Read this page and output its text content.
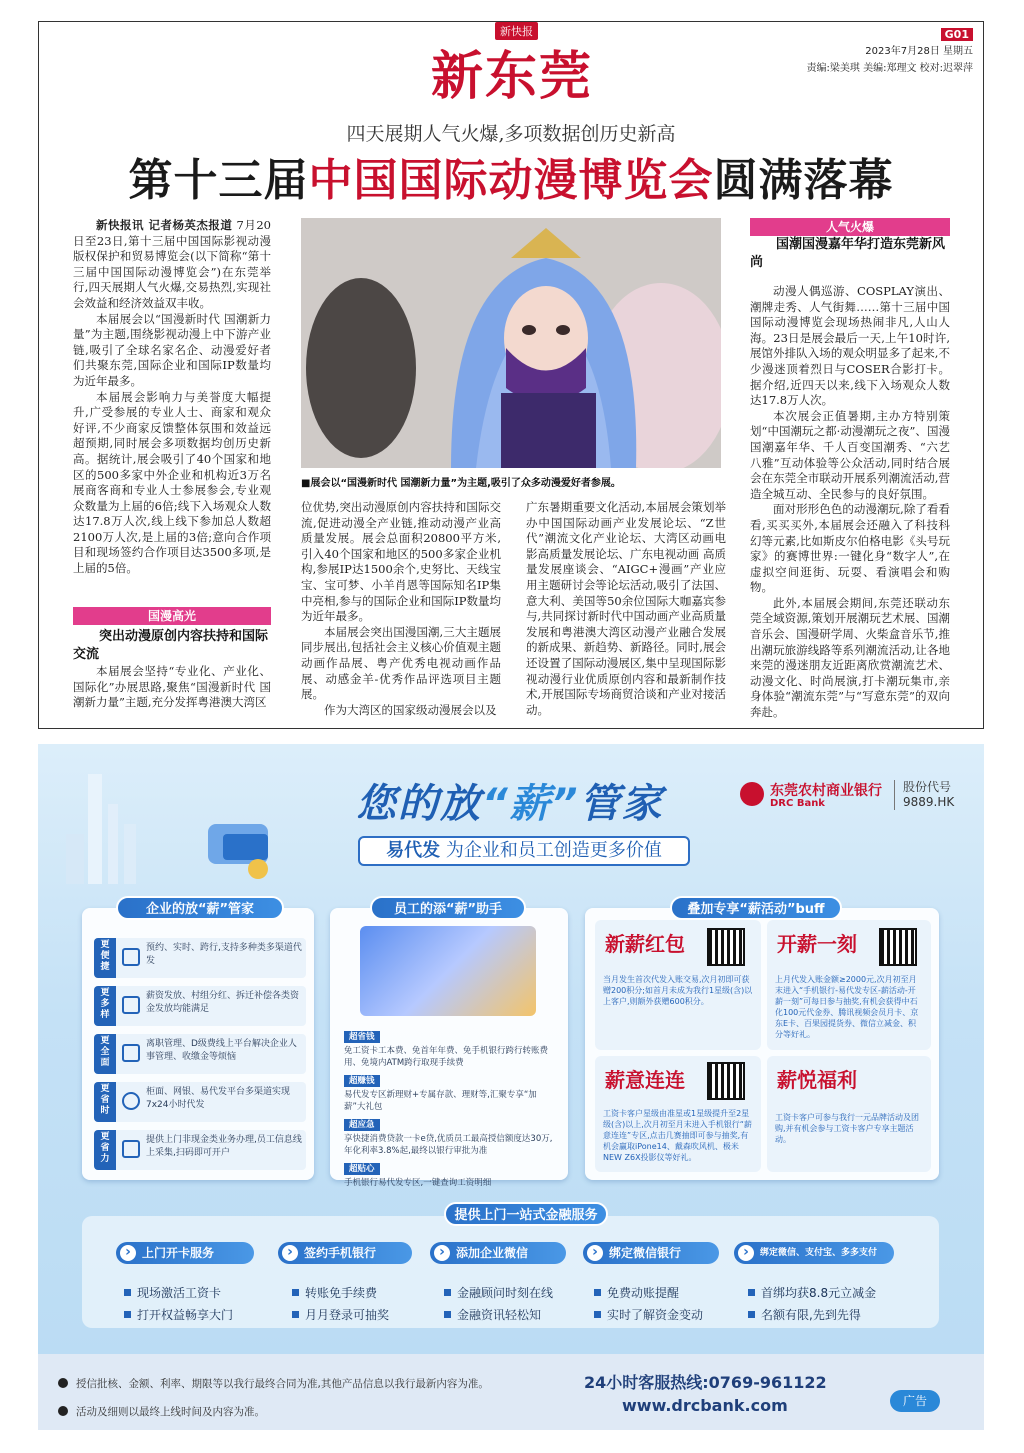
新快报
新东莞
G01
2023年7月28日 星期五
责编:梁美琪 美编:郑理文 校对:迟翠萍
四天展期人气火爆,多项数据创历史新高
第十三届中国国际动漫博览会圆满落幕

新快报讯 记者杨英杰报道 7月20日至23日,第十三届中国国际影视动漫版权保护和贸易博览会(以下简称“第十三届中国国际动漫博览会”)在东莞举行,四天展期人气火爆,交易热烈,实现社会效益和经济效益双丰收。

本届展会以“国漫新时代 国潮新力量”为主题,围绕影视动漫上中下游产业链,吸引了全球名家名企、动漫爱好者们共聚东莞,国际企业和国际IP数量均为近年最多。

本届展会影响力与美誉度大幅提升,广受参展的专业人士、商家和观众好评,不少商家反馈整体氛围和效益远超预期,同时展会多项数据均创历史新高。据统计,展会吸引了40个国家和地区的500多家中外企业和机构近3万名展商客商和专业人士参展参会,专业观众数量为上届的6倍;线下入场观众人数达17.8万人次,线上线下参加总人数超2100万人次,是上届的3倍;意向合作项目和现场签约合作项目达3500多项,是上届的5倍。

国漫高光
突出动漫原创内容扶持和国际交流

本届展会坚持“专业化、产业化、国际化”办展思路,聚焦“国漫新时代 国潮新力量”主题,充分发挥粤港澳大湾区

■展会以“国漫新时代 国潮新力量”为主题,吸引了众多动漫爱好者参展。

位优势,突出动漫原创内容扶持和国际交流,促进动漫全产业链,推动动漫产业高质量发展。展会总面积20800平方米,引入40个国家和地区的500多家企业机构,参展IP达1500余个,史努比、天线宝宝、宝可梦、小羊肖恩等国际知名IP集中亮相,参与的国际企业和国际IP数量均为近年最多。

本届展会突出国漫国潮,三大主题展同步展出,包括社会主义核心价值观主题动画作品展、粤产优秀电视动画作品展、动感金羊-优秀作品评选项目主题展。

作为大湾区的国家级动漫展会以及

广东暑期重要文化活动,本届展会策划举办中国国际动画产业发展论坛、“Z世代”潮流文化产业论坛、大湾区动画电影高质量发展论坛、广东电视动画 高质量发展座谈会、“AIGC+漫画”产业应用主题研讨会等论坛活动,吸引了法国、意大利、美国等50余位国际大咖嘉宾参与,共同探讨新时代中国动画产业高质量发展和粤港澳大湾区动漫产业融合发展的新成果、新趋势、新路径。同时,展会还设置了国际动漫展区,集中呈现国际影视动漫行业优质原创内容和最新制作技术,开展国际专场商贸洽谈和产业对接活动。

人气火爆
国潮国漫嘉年华打造东莞新风尚

动漫人偶巡游、COSPLAY演出、潮牌走秀、人气街舞……第十三届中国国际动漫博览会现场热闹非凡,人山人海。23日是展会最后一天,上午10时许,展馆外排队入场的观众明显多了起来,不少漫迷顶着烈日与COSER合影打卡。据介绍,近四天以来,线下入场观众人数达17.8万人次。

本次展会正值暑期,主办方特别策划“中国潮玩之都·动漫潮玩之夜”、国漫国潮嘉年华、千人百变国潮秀、“六艺八雅”互动体验等公众活动,同时结合展会在东莞全市联动开展系列潮流活动,营造全城互动、全民参与的良好氛围。

面对形形色色的动漫潮玩,除了看看看,买买买外,本届展会还融入了科技科幻等元素,比如斯皮尔伯格电影《头号玩家》的赛博世界:一键化身“数字人”,在虚拟空间逛街、玩耍、看演唱会和购物。

此外,本届展会期间,东莞还联动东莞全域资源,策划开展潮玩艺术展、国潮音乐会、国漫研学周、火柴盒音乐节,推出潮玩旅游线路等系列潮流活动,让各地来莞的漫迷朋友近距离欣赏潮流艺术、动漫文化、时尚展演,打卡潮玩集市,亲身体验“潮流东莞”与“写意东莞”的双向奔赴。

您的放“薪”管家
易代发 为企业和员工创造更多价值
东莞农村商业银行
DRC Bank
股份代号
9889.HK
更便捷
预约、实时、跨行,支持多种类多渠道代发
更多样
薪资发放、村组分红、拆迁补偿各类资金发放均能满足
更全面
离职管理、D级费线上平台解决企业人事管理、收缴金等烦恼
更省时
柜面、网银、易代发平台多渠道实现7x24小时代发
更省力
提供上门非现金类业务办理,员工信息线上采集,扫码即可开户
企业的放“薪”管家
超省钱
免工资卡工本费、免首年年费、免手机银行跨行转账费用、免境内ATM跨行取现手续费
超赚钱
易代发专区新理财+专属存款、理财等,汇聚专享“加薪”大礼包
超应急
享快捷消费贷款一卡e贷,优质员工最高授信额度达30万,年化利率3.8%起,最终以银行审批为准
超贴心
手机银行易代发专区,一键查询工资明细
员工的添“薪”助手
新薪红包
当月发生首次代发入账交易,次月初即可获赠200积分;如首月未成为我行1星级(含)以上客户,则额外获赠600积分。
开薪一刻
上月代发入账金额≥2000元,次月初至月末进入“手机银行-易代发专区-薪活动-开薪一刻”可每日参与抽奖,有机会获得中石化100元代金券、腾讯视频会员月卡、京东E卡、百果园提货券、微信立减金、积分等好礼。
薪意连连
工资卡客户星级由准星或1星级提升至2星级(含)以上,次月初至月末进入手机银行“薪意连连”专区,点击几赛抽即可参与抽奖,有机会赢取iPone14、戴森吹风机、极米NEW Z6X投影仪等好礼。
薪悦福利
工资卡客户可参与我行一元品牌活动及团购,并有机会参与工资卡客户专享主题活动。
叠加专享“薪活动”buff
提供上门一站式金融服务
› 上门开卡服务	› 签约手机银行	› 添加企业微信	› 绑定微信银行	› 绑定微信、支付宝、多多支付
现场激活工资卡
打开权益畅享大门
转账免手续费
月月登录可抽奖
金融顾问时刻在线
金融资讯轻松知
免费动账提醒
实时了解资金变动
首绑均获8.8元立减金
名额有限,先到先得
授信批核、金额、利率、期限等以我行最终合同为准,其他产品信息以我行最新内容为准。
活动及细则以最终上线时间及内容为准。
24小时客服热线:0769-961122
www.drcbank.com	广告
